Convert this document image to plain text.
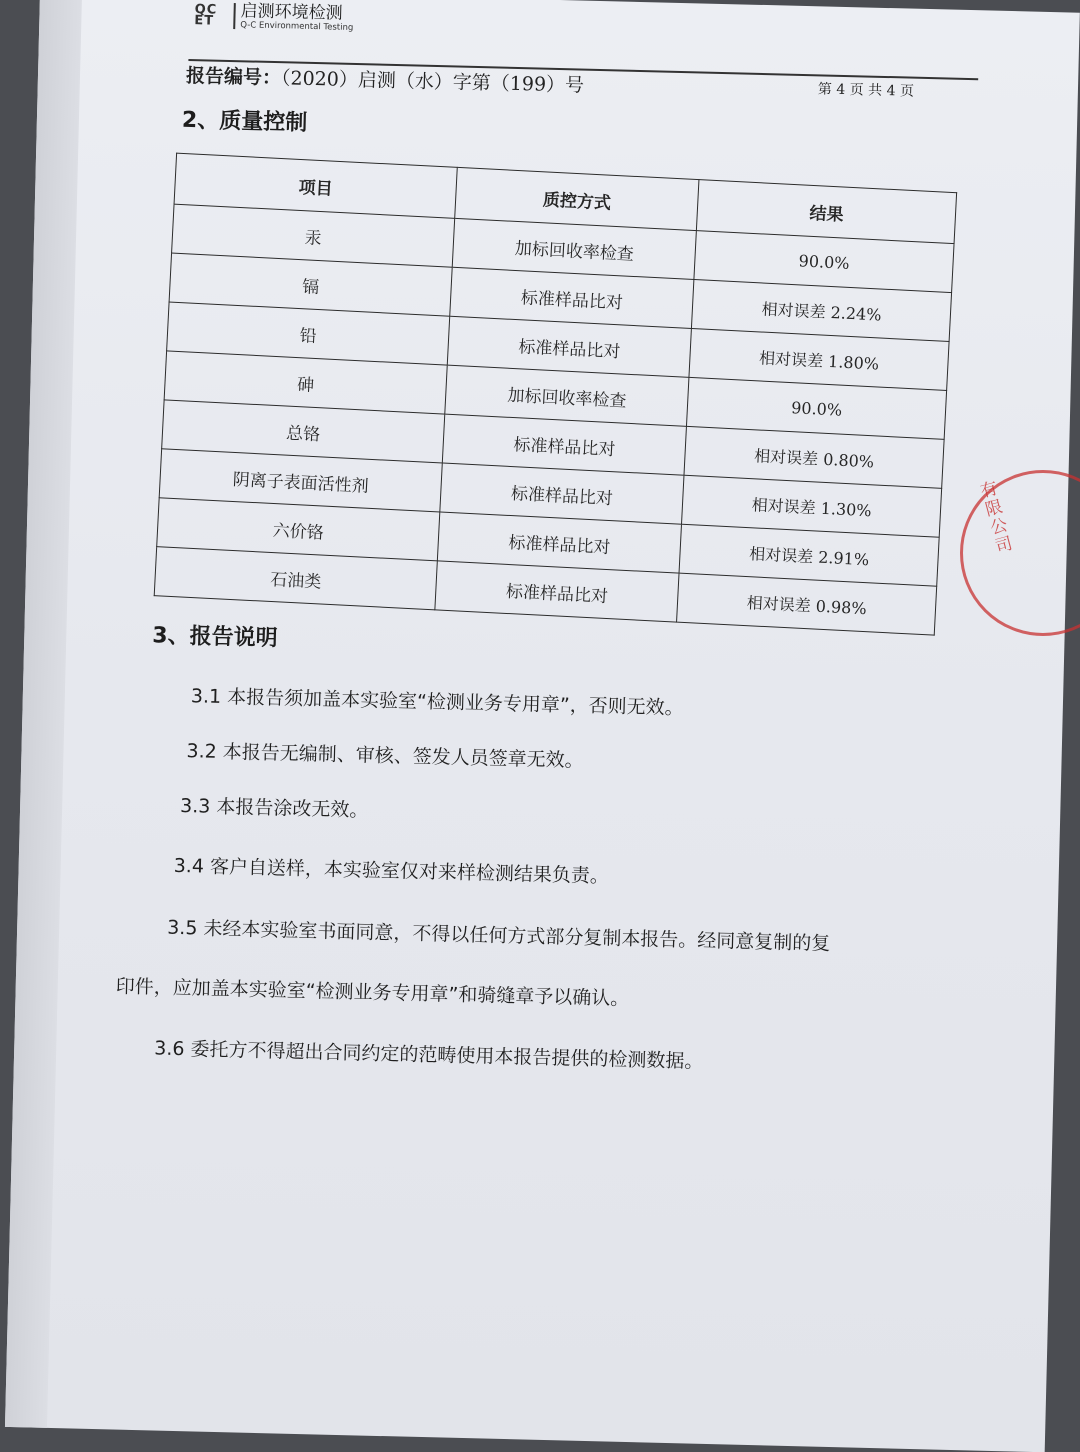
QC ET	启测环境检测
Q-C Environmental Testing
第 4 页 共 4 页
报告编号：（2020）启测（水）字第（199）号
2、质量控制
项目	质控方式	结果
汞	加标回收率检查	90.0%
镉	标准样品比对	相对误差 2.24%
铅	标准样品比对	相对误差 1.80%
砷	加标回收率检查	90.0%
总铬	标准样品比对	相对误差 0.80%
阴离子表面活性剂	标准样品比对	相对误差 1.30%
六价铬	标准样品比对	相对误差 2.91%
石油类	标准样品比对	相对误差 0.98%
3、报告说明
3.1 本报告须加盖本实验室“检测业务专用章”，否则无效。
3.2 本报告无编制、审核、签发人员签章无效。
3.3 本报告涂改无效。
3.4 客户自送样，本实验室仅对来样检测结果负责。
3.5 未经本实验室书面同意，不得以任何方式部分复制本报告。经同意复制的复
印件，应加盖本实验室“检测业务专用章”和骑缝章予以确认。
3.6 委托方不得超出合同约定的范畴使用本报告提供的检测数据。
有限公司
